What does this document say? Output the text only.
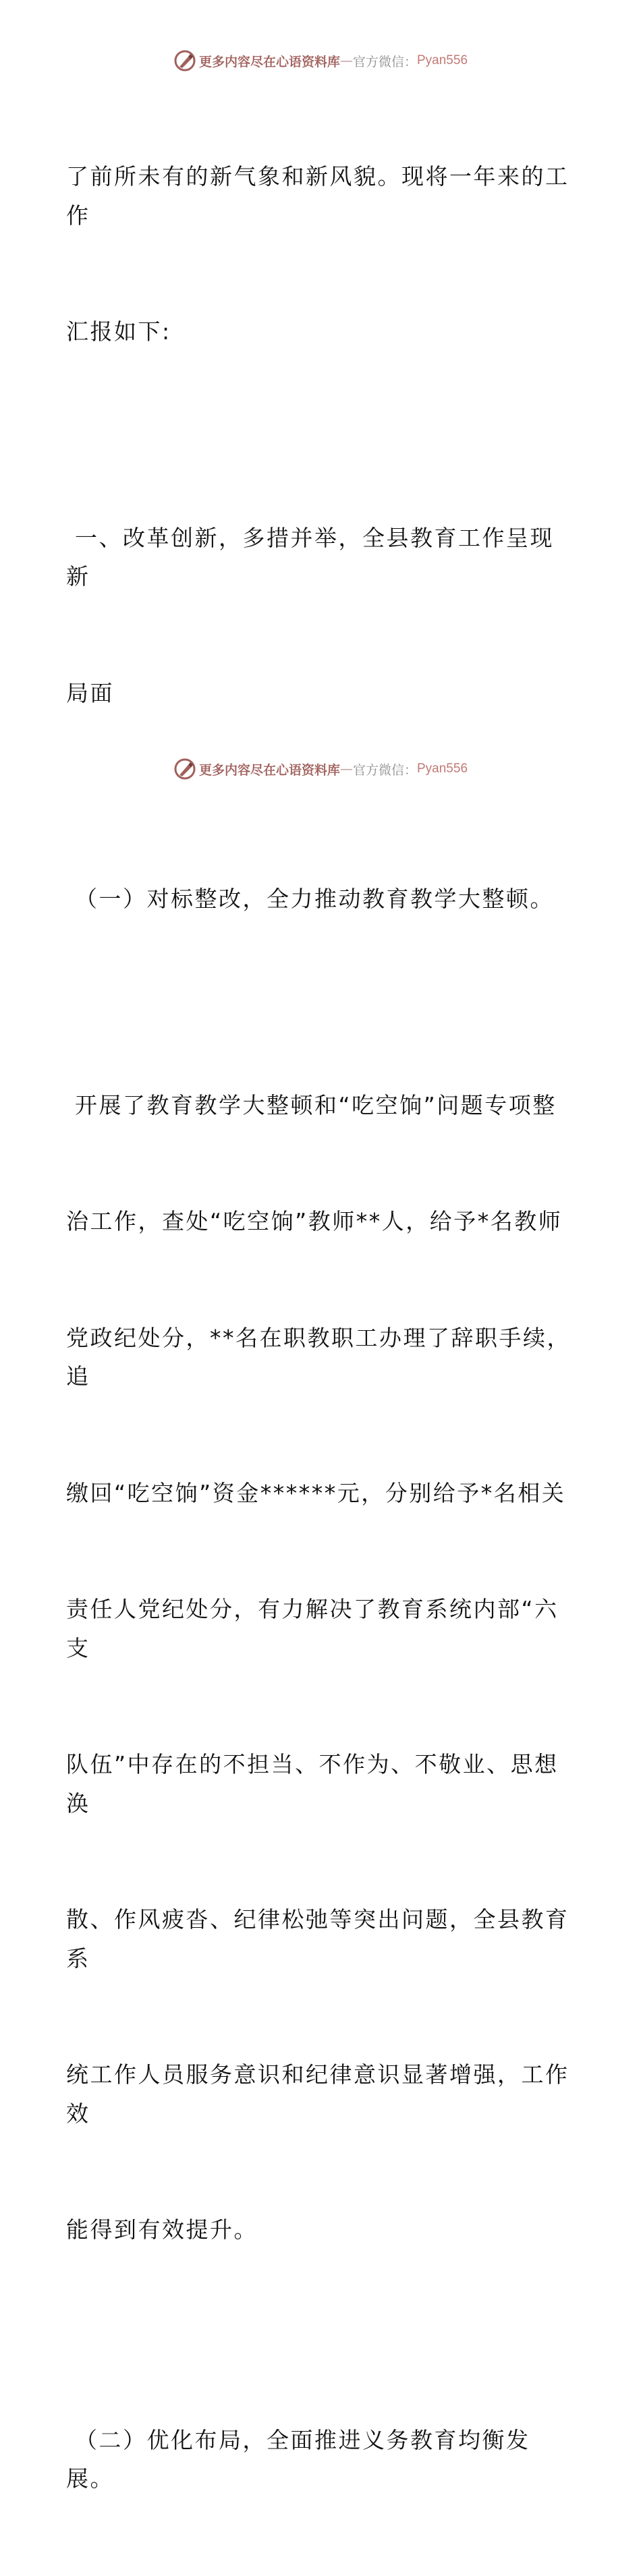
更多内容尽在心语资料库 — 官方微信： Pyan556

了前所未有的新气象和新风貌。现将一年来的工作

汇报如下:

一、改革创新，多措并举，全县教育工作呈现新

局面

（一）对标整改，全力推动教育教学大整顿。

开展了教育教学大整顿和“吃空饷”问题专项整

治工作，查处“吃空饷”教师**人，给予*名教师

党政纪处分，**名在职教职工办理了辞职手续，追

缴回“吃空饷”资金******元，分别给予*名相关

责任人党纪处分，有力解决了教育系统内部“六支

队伍”中存在的不担当、不作为、不敬业、思想涣

散、作风疲沓、纪律松弛等突出问题，全县教育系

统工作人员服务意识和纪律意识显著增强，工作效

能得到有效提升。

（二）优化布局，全面推进义务教育均衡发展。

更多内容尽在心语资料库 — 官方微信： Pyan556
